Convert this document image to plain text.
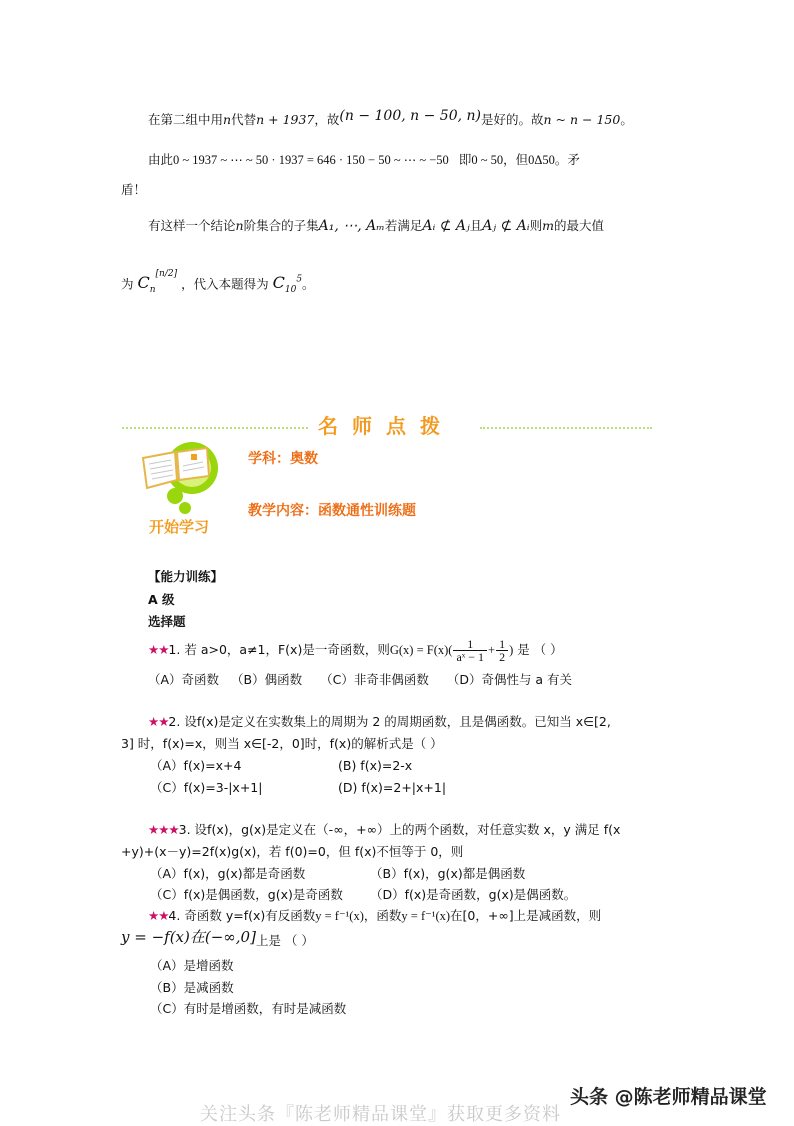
在第二组中用n代替n + 1937，故(n − 100, n − 50, n)是好的。故n ~ n − 150。
由此0 ~ 1937 ~ ⋯ ~ 50 · 1937 = 646 · 150 − 50 ~ ⋯ ~ −50 即0 ~ 50，但0Δ50。矛
盾！
有这样一个结论n阶集合的子集A₁, ⋯, Aₘ若满足Aᵢ ⊄ Aⱼ且Aⱼ ⊄ Aᵢ则m的最大值
为 $C_n[n/2]$ ，代入本题得为 $C_{10}^5$。
名师点拨
开始学习
学科：奥数
教学内容：函数通性训练题
【能力训练】
A 级
选择题
★★1. 若 a>0，a≠1，F(x)是一奇函数，则$G(x) = F(x)( \frac{1}{\text{aˣ − 1}} + \frac{1}{2}$ ) 是 （ ）
（A）奇函数 （B）偶函数 （C）非奇非偶函数 （D）奇偶性与 a 有关
★★2. 设f(x)是定义在实数集上的周期为 2 的周期函数，且是偶函数。已知当 x∈[2,
3] 时，f(x)=x，则当 x∈[-2，0]时，f(x)的解析式是（ ）
（A）f(x)=x+4	(B) f(x)=2-x
（C）f(x)=3-|x+1|	(D) f(x)=2+|x+1|
★★★3. 设f(x)，g(x)是定义在（-∞，+∞）上的两个函数，对任意实数 x，y 满足 f(x
+y)+(x－y)=2f(x)g(x)，若 f(0)=0，但 f(x)不恒等于 0，则
（A）f(x)，g(x)都是奇函数	（B）f(x)，g(x)都是偶函数
（C）f(x)是偶函数，g(x)是奇函数 （D）f(x)是奇函数，g(x)是偶函数。
★★4. 奇函数 y=f(x)有反函数y = f⁻¹(x)，函数y = f⁻¹(x)在[0，+∞]上是减函数，则
y = −f(x)在(−∞,0]上是 （ ）
（A）是增函数
（B）是减函数
（C）有时是增函数，有时是减函数
关注头条『陈老师精品课堂』获取更多资料
头条 @陈老师精品课堂
